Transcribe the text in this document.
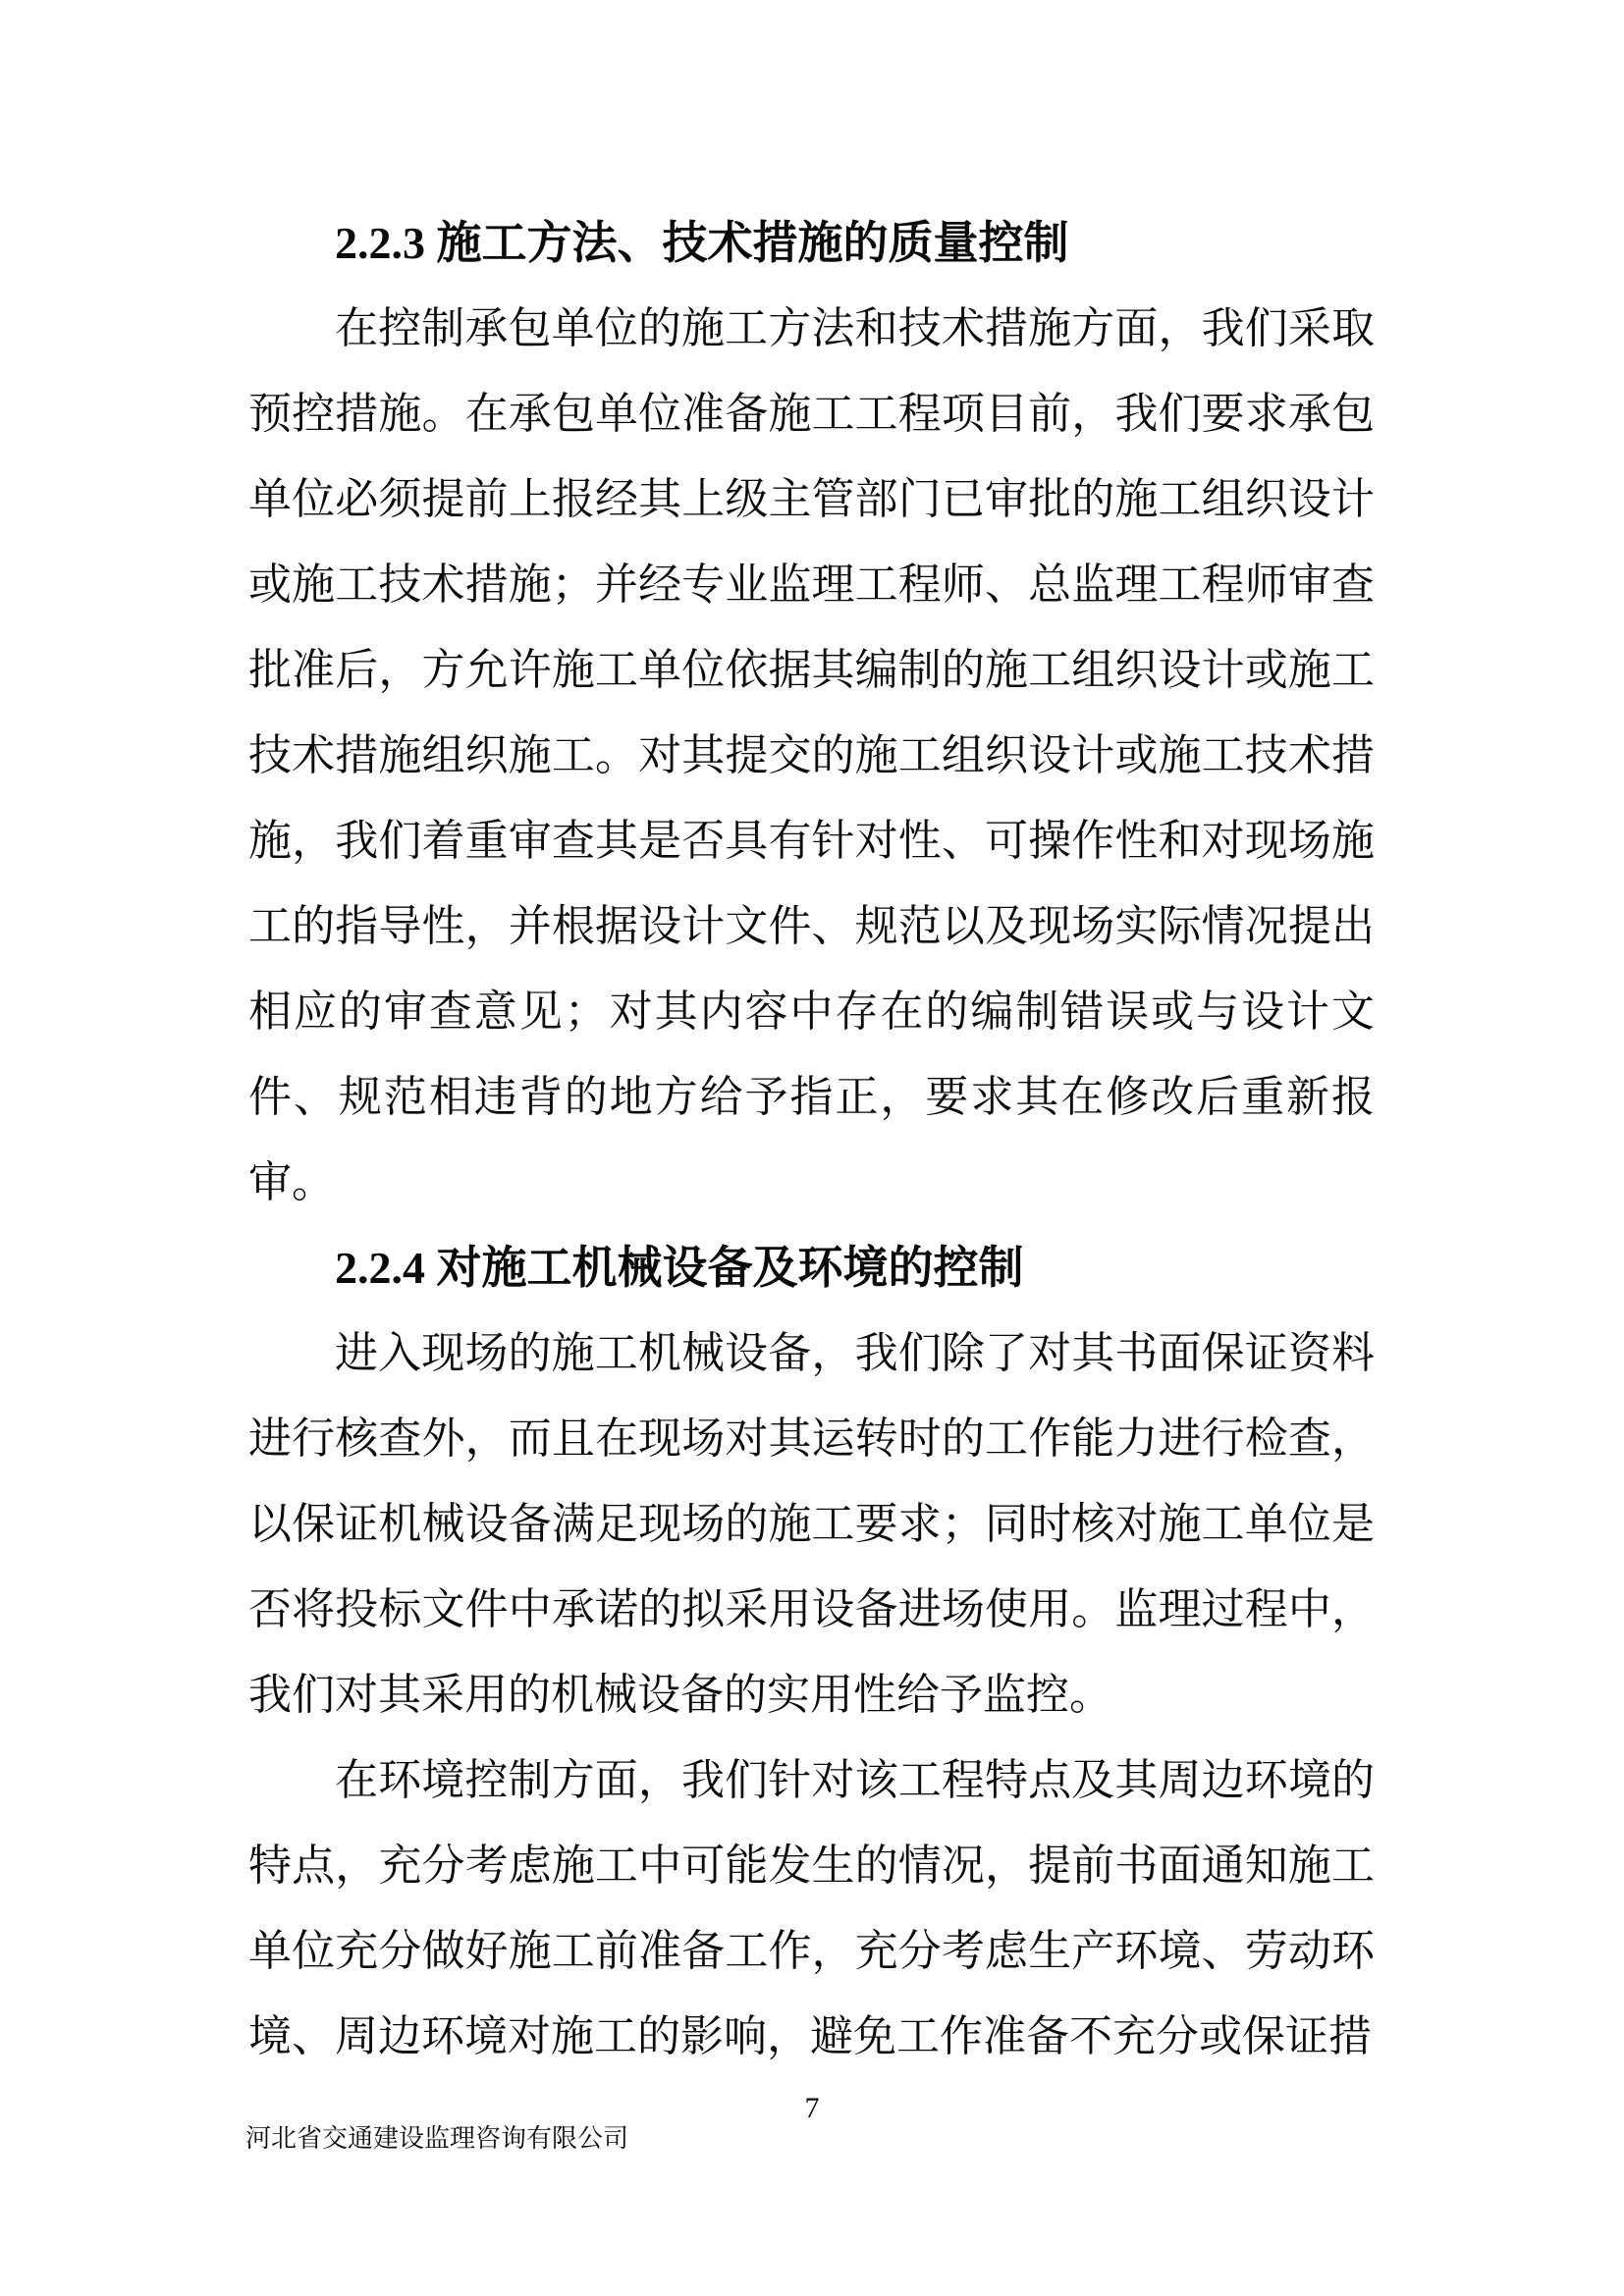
2.2.3 施工方法、技术措施的质量控制

在控制承包单位的施工方法和技术措施方面，我们采取预控措施。在承包单位准备施工工程项目前，我们要求承包单位必须提前上报经其上级主管部门已审批的施工组织设计或施工技术措施；并经专业监理工程师、总监理工程师审查批准后，方允许施工单位依据其编制的施工组织设计或施工技术措施组织施工。对其提交的施工组织设计或施工技术措施，我们着重审查其是否具有针对性、可操作性和对现场施工的指导性，并根据设计文件、规范以及现场实际情况提出相应的审查意见；对其内容中存在的编制错误或与设计文件、规范相违背的地方给予指正，要求其在修改后重新报审。

2.2.4 对施工机械设备及环境的控制

进入现场的施工机械设备，我们除了对其书面保证资料进行核查外，而且在现场对其运转时的工作能力进行检查，以保证机械设备满足现场的施工要求；同时核对施工单位是否将投标文件中承诺的拟采用设备进场使用。监理过程中，我们对其采用的机械设备的实用性给予监控。

在环境控制方面，我们针对该工程特点及其周边环境的特点，充分考虑施工中可能发生的情况，提前书面通知施工单位充分做好施工前准备工作，充分考虑生产环境、劳动环境、周边环境对施工的影响，避免工作准备不充分或保证措

7
河北省交通建设监理咨询有限公司
